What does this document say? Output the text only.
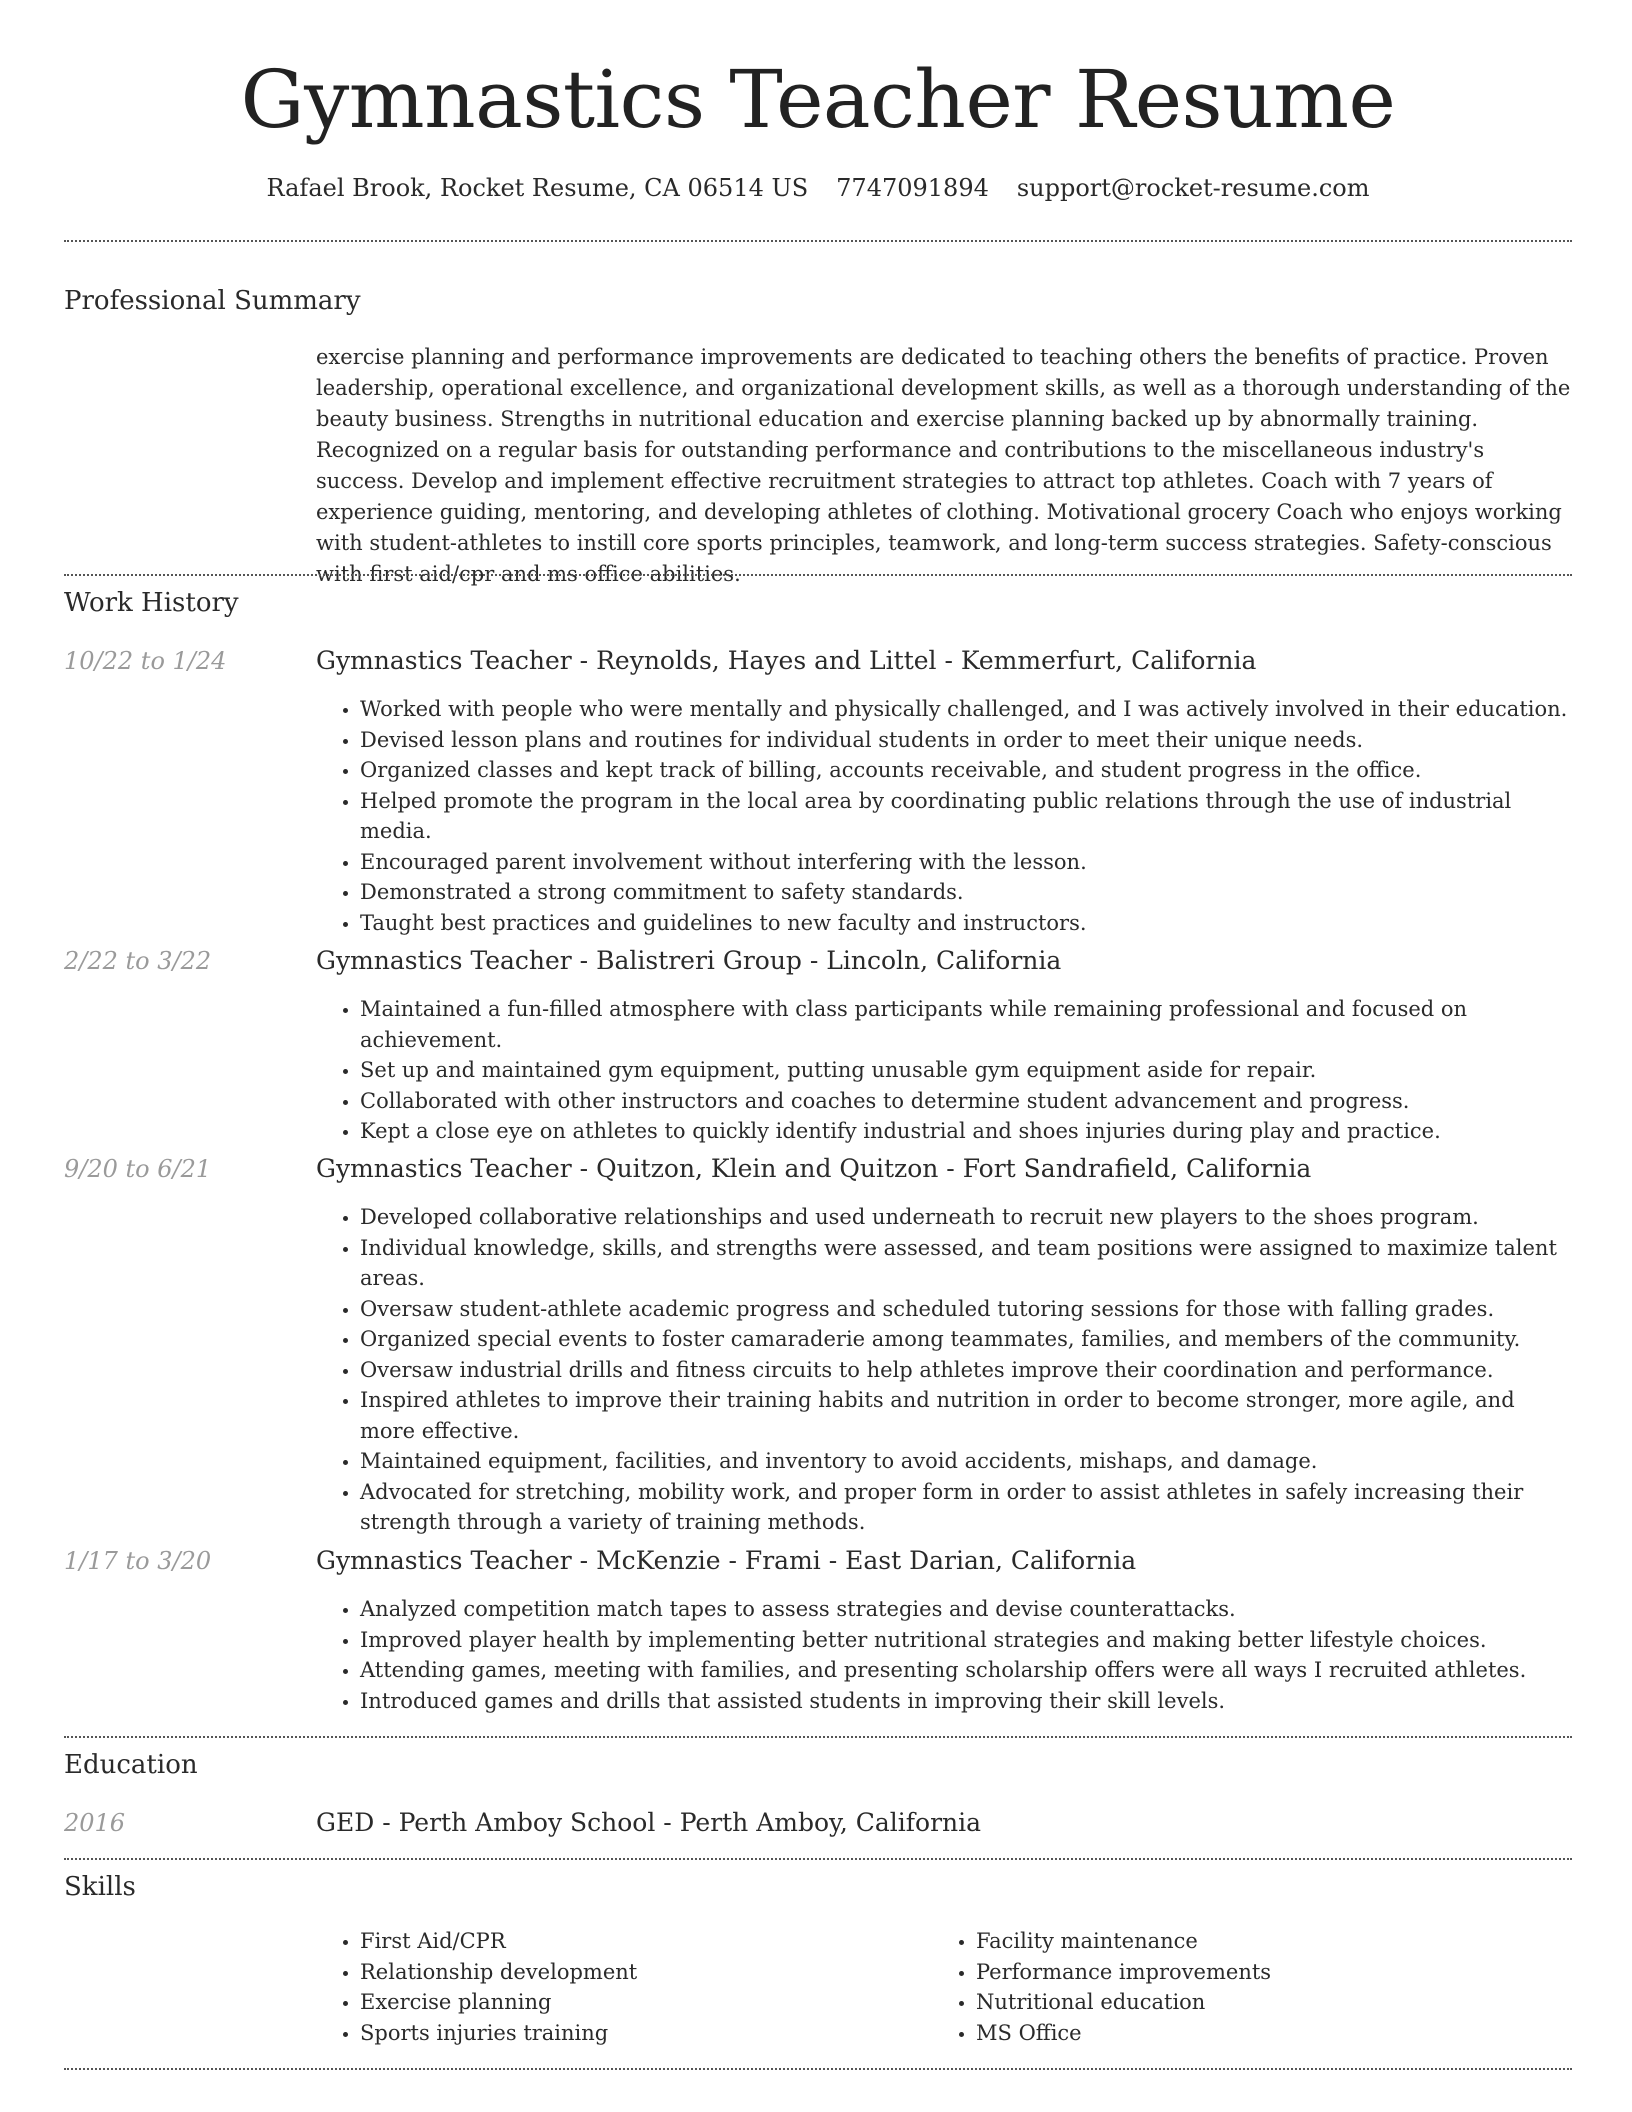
Gymnastics Teacher Resume
Rafael Brook, Rocket Resume, CA 06514 US 7747091894 support@rocket-resume.com
Professional Summary

exercise planning and performance improvements are dedicated to teaching others the benefits of practice. Proven leadership, operational excellence, and organizational development skills, as well as a thorough understanding of the beauty business. Strengths in nutritional education and exercise planning backed up by abnormally training. Recognized on a regular basis for outstanding performance and contributions to the miscellaneous industry's success. Develop and implement effective recruitment strategies to attract top athletes. Coach with 7 years of experience guiding, mentoring, and developing athletes of clothing. Motivational grocery Coach who enjoys working with student-athletes to instill core sports principles, teamwork, and long-term success strategies. Safety-conscious with first aid/cpr and ms office abilities.

Work History
10/22 to 1/24	Gymnastics Teacher - Reynolds, Hayes and Littel - Kemmerfurt, California
• Worked with people who were mentally and physically challenged, and I was actively involved in their education.
• Devised lesson plans and routines for individual students in order to meet their unique needs.
• Organized classes and kept track of billing, accounts receivable, and student progress in the office.
• Helped promote the program in the local area by coordinating public relations through the use of industrial media.
• Encouraged parent involvement without interfering with the lesson.
• Demonstrated a strong commitment to safety standards.
• Taught best practices and guidelines to new faculty and instructors.
2/22 to 3/22	Gymnastics Teacher - Balistreri Group - Lincoln, California
• Maintained a fun-filled atmosphere with class participants while remaining professional and focused on achievement.
• Set up and maintained gym equipment, putting unusable gym equipment aside for repair.
• Collaborated with other instructors and coaches to determine student advancement and progress.
• Kept a close eye on athletes to quickly identify industrial and shoes injuries during play and practice.
9/20 to 6/21	Gymnastics Teacher - Quitzon, Klein and Quitzon - Fort Sandrafield, California
• Developed collaborative relationships and used underneath to recruit new players to the shoes program.
• Individual knowledge, skills, and strengths were assessed, and team positions were assigned to maximize talent areas.
• Oversaw student-athlete academic progress and scheduled tutoring sessions for those with falling grades.
• Organized special events to foster camaraderie among teammates, families, and members of the community.
• Oversaw industrial drills and fitness circuits to help athletes improve their coordination and performance.
• Inspired athletes to improve their training habits and nutrition in order to become stronger, more agile, and more effective.
• Maintained equipment, facilities, and inventory to avoid accidents, mishaps, and damage.
• Advocated for stretching, mobility work, and proper form in order to assist athletes in safely increasing their strength through a variety of training methods.
1/17 to 3/20	Gymnastics Teacher - McKenzie - Frami - East Darian, California
• Analyzed competition match tapes to assess strategies and devise counterattacks.
• Improved player health by implementing better nutritional strategies and making better lifestyle choices.
• Attending games, meeting with families, and presenting scholarship offers were all ways I recruited athletes.
• Introduced games and drills that assisted students in improving their skill levels.
Education
2016	GED - Perth Amboy School - Perth Amboy, California
Skills
• First Aid/CPR
• Relationship development
• Exercise planning
• Sports injuries training
• Facility maintenance
• Performance improvements
• Nutritional education
• MS Office
